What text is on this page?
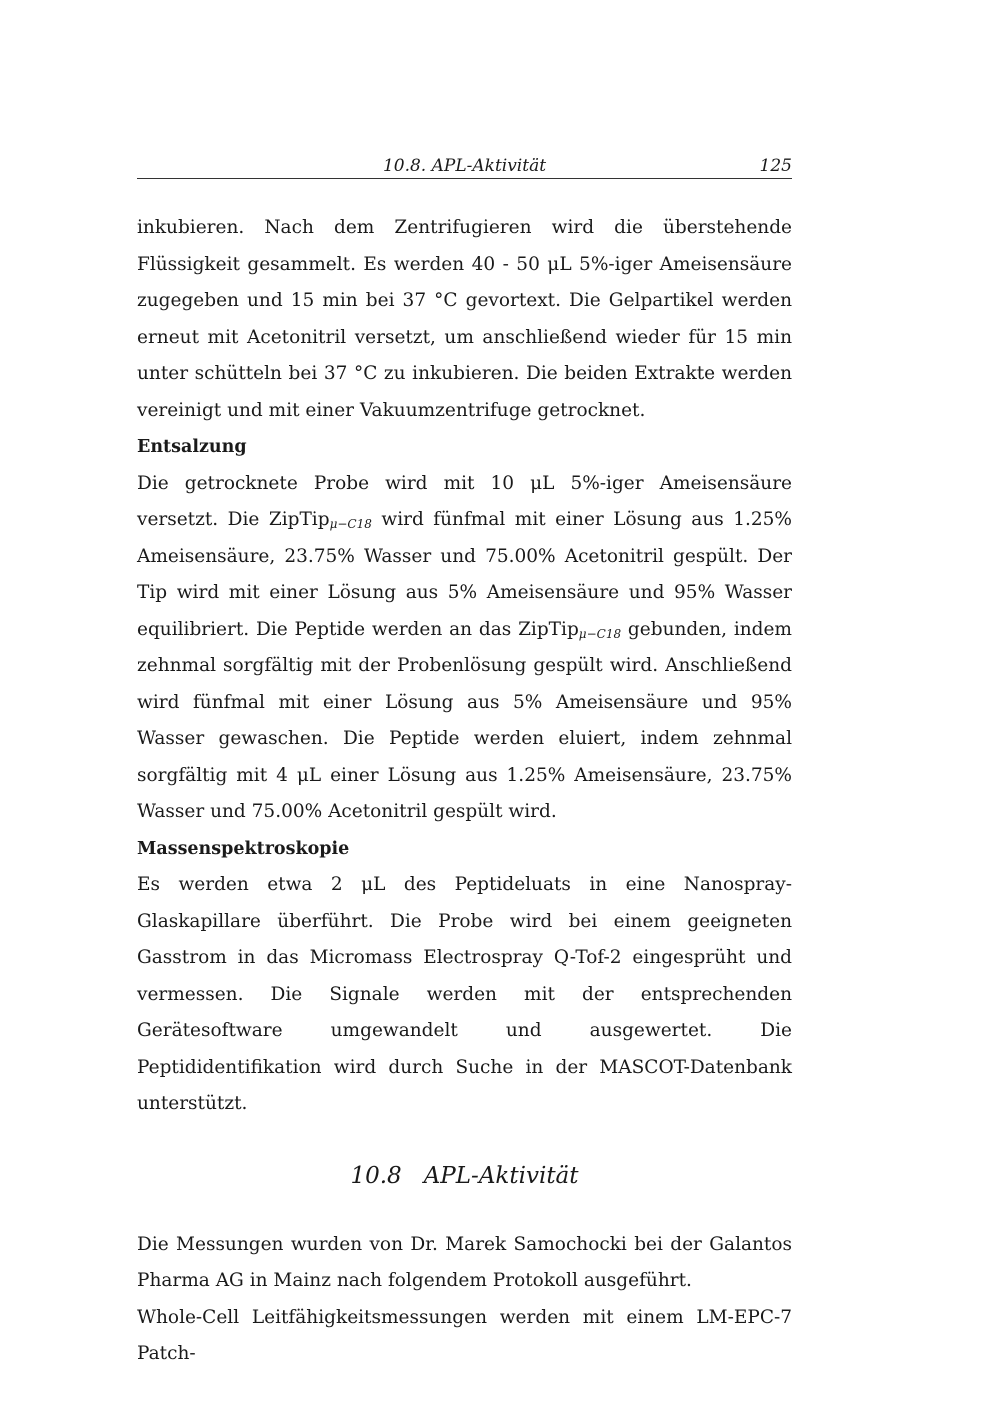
10.8. APL-Aktivität	125

inkubieren. Nach dem Zentrifugieren wird die überstehende Flüssigkeit gesammelt. Es werden 40 - 50 μL 5%-iger Ameisensäure zugegeben und 15 min bei 37 °C gevortext. Die Gelpartikel werden erneut mit Acetonitril versetzt, um anschließend wieder für 15 min unter schütteln bei 37 °C zu inkubieren. Die beiden Extrakte werden vereinigt und mit einer Vakuumzentrifuge getrocknet.

Entsalzung

Die getrocknete Probe wird mit 10 μL 5%-iger Ameisensäure versetzt. Die ZipTip$_{\mu-C18}$ wird fünfmal mit einer Lösung aus 1.25% Ameisensäure, 23.75% Wasser und 75.00% Acetonitril gespült. Der Tip wird mit einer Lösung aus 5% Ameisensäure und 95% Wasser equilibriert. Die Peptide werden an das ZipTip$_{\mu-C18}$ gebunden, indem zehnmal sorgfältig mit der Probenlösung gespült wird. Anschließend wird fünfmal mit einer Lösung aus 5% Ameisensäure und 95% Wasser gewaschen. Die Peptide werden eluiert, indem zehnmal sorgfältig mit 4 μL einer Lösung aus 1.25% Ameisensäure, 23.75% Wasser und 75.00% Acetonitril gespült wird.

Massenspektroskopie

Es werden etwa 2 μL des Peptideluats in eine Nanospray-Glaskapillare überführt. Die Probe wird bei einem geeigneten Gasstrom in das Micromass Electrospray Q-Tof-2 eingesprüht und vermessen. Die Signale werden mit der entsprechenden Gerätesoftware umgewandelt und ausgewertet. Die Peptididentifikation wird durch Suche in der MASCOT-Datenbank unterstützt.

10.8 APL-Aktivität

Die Messungen wurden von Dr. Marek Samochocki bei der Galantos Pharma AG in Mainz nach folgendem Protokoll ausgeführt.

Whole-Cell Leitfähigkeitsmessungen werden mit einem LM-EPC-7 Patch-
